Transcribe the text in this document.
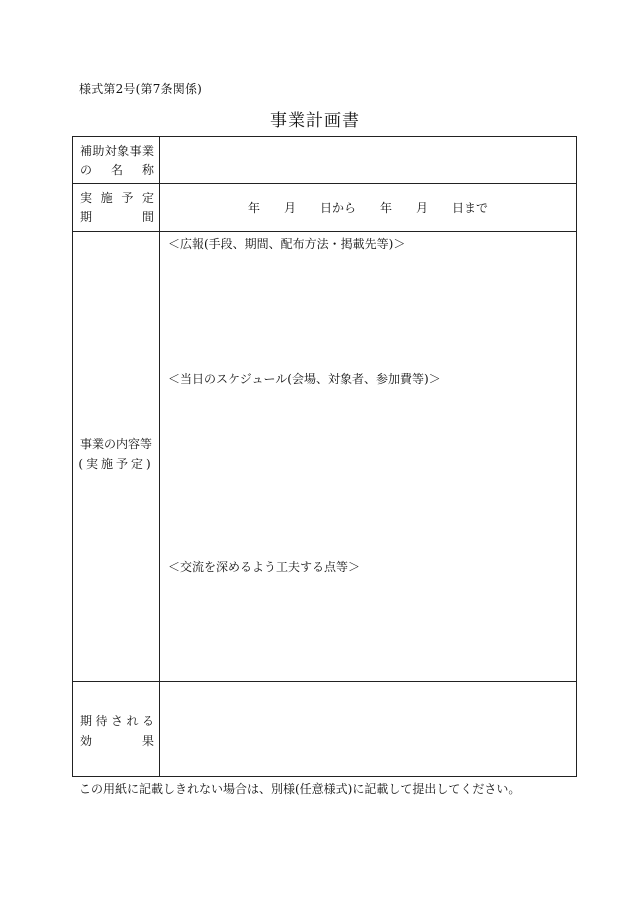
様式第2号(第7条関係)
事業計画書
補 助 対 象 事 業
の 名 称
実 施 予 定
期	間
年　　月　　日から　　年　　月　　日まで
事業の内容等
(実施予定)
＜広報(手段、期間、配布方法・掲載先等)＞
＜当日のスケジュール(会場、対象者、参加費等)＞
＜交流を深めるよう工夫する点等＞
期 待 さ れ る
効	果
この用紙に記載しきれない場合は、別様(任意様式)に記載して提出してください。
